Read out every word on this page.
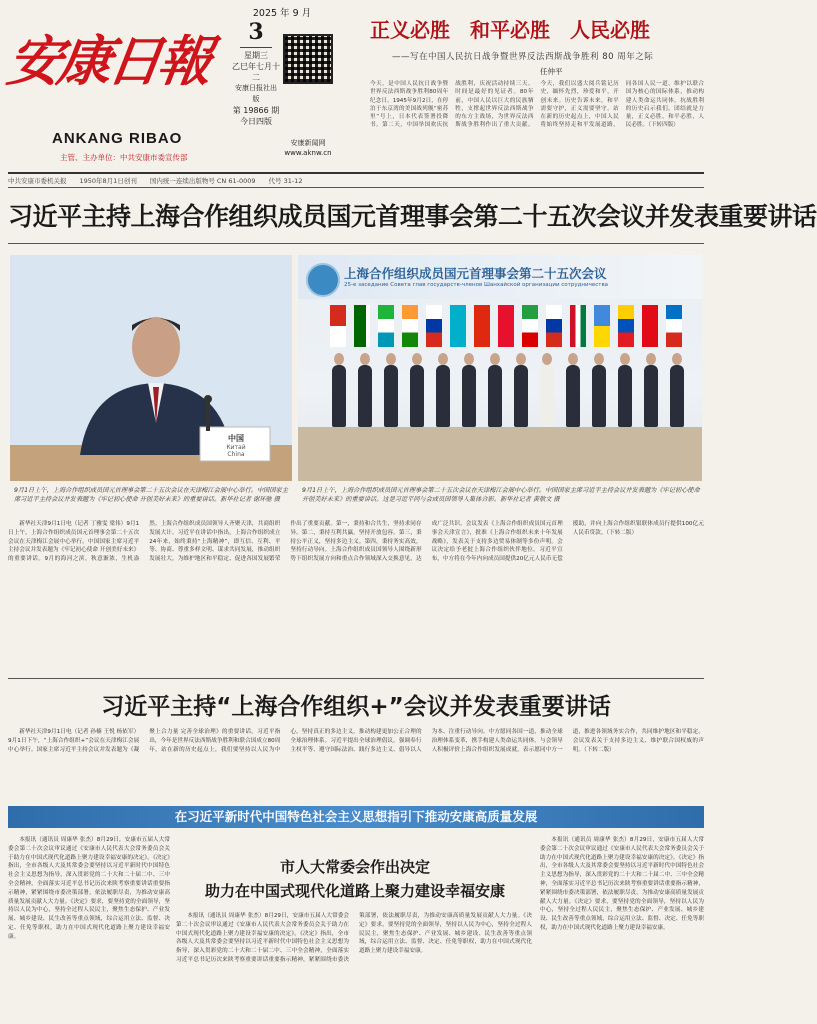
安康日報
ANKANG RIBAO
主管、主办单位：中共安康市委宣传部
2025 年 9 月
3
星期三
乙巳年七月十二
安康日报社出版
第 19866 期
今日四版
安康新闻网
www.aknw.cn
正义必胜　和平必胜　人民必胜
——写在中国人民抗日战争暨世界反法西斯战争胜利 80 周年之际
任仲平
今天，是中国人民抗日战争暨世界反法西斯战争胜利80周年纪念日。1945年9月2日，在停泊于东京湾的美国战列舰“密苏里”号上，日本代表签署投降书。第二天，中国举国欢庆抗战胜利，庆祝活动持续三天。时间是最好的见证者。80年前，中国人民以巨大的民族牺牲，支撑起世界反法西斯战争的东方主战场，为世界反法西斯战争胜利作出了重大贡献。今天，我们以盛大阅兵铭记历史，缅怀先烈，珍爱和平，开创未来。历史告诉未来，和平需要守护，正义需要坚守。站在新的历史起点上，中国人民将始终坚持走和平发展道路，同各国人民一道，维护以联合国为核心的国际体系，推动构建人类命运共同体。抗战胜利的历史启示我们，团结就是力量，正义必胜，和平必胜，人民必胜。（下转四版）
中共安康市委机关报　　1950年8月1日创刊　　国内统一连续出版物号 CN 61-0009　　代号 31-12
习近平主持上海合作组织成员国元首理事会第二十五次会议并发表重要讲话
中国
Китай
China
上海合作组织成员国元首理事会第二十五次会议
25-е заседание Совета глав государств-членов Шанхайской организации сотрудничества
9月1日上午，上海合作组织成员国元首理事会第二十五次会议在天津梅江会展中心举行。中国国家主席习近平主持会议并发表题为《牢记初心使命 开创美好未来》的重要讲话。新华社记者 谢环驰 摄
9月1日上午，上海合作组织成员国元首理事会第二十五次会议在天津梅江会展中心举行。中国国家主席习近平主持会议并发表题为《牢记初心使命 开创美好未来》的重要讲话。这是习近平同与会成员国领导人集体合影。新华社记者 黄敬文 摄
新华社天津9月1日电（记者 丁雅雯 梁伟）9月1日上午，上海合作组织成员国元首理事会第二十五次会议在天津梅江会展中心举行。中国国家主席习近平主持会议并发表题为《牢记初心使命 开创美好未来》的重要讲话。9月的海河之滨，秋意渐浓，生机盎然。上海合作组织成员国领导人齐聚天津，共商组织发展大计。习近平在讲话中指出，上海合作组织成立24年来，始终秉持“上海精神”，即互信、互利、平等、协商、尊重多样文明、谋求共同发展，推动组织发展壮大，为维护地区和平稳定、促进各国发展繁荣作出了重要贡献。第一，秉持和合共生，坚持求同存异。第二，秉持互利共赢，坚持开放包容。第三，秉持公平正义，坚持多边主义。第四，秉持务实高效，坚持行动导向。上海合作组织成员国领导人围绕新形势下组织发展方向和重点合作领域深入交换意见，达成广泛共识。会议发表《上海合作组织成员国元首理事会天津宣言》，批准《上海合作组织未来十年发展战略》，发表关于支持多边贸易体制等多份声明。会议决定给予老挝上海合作组织伙伴地位。习近平宣布，中方将在今年内向成员国提供20亿元人民币无偿援助，并向上海合作组织银联体成员行提供100亿元人民币贷款。（下转二版）
习近平主持“上海合作组织+”会议并发表重要讲话
新华社天津9月1日电（记者 孙楠 王悦 杨依军）9月1日下午，“上海合作组织+”会议在天津梅江会展中心举行。国家主席习近平主持会议并发表题为《凝聚上合力量 完善全球治理》的重要讲话。习近平指出，今年是世界反法西斯战争胜利和联合国成立80周年。站在新的历史起点上，我们要坚持以人民为中心，坚持真正的多边主义，推动构建更加公正合理的全球治理体系。习近平提出全球治理倡议，强调奉行主权平等、遵守国际法治、践行多边主义、倡导以人为本、注重行动导向。中方愿同各国一道，推动全球治理体系变革，携手构建人类命运共同体。与会领导人积极评价上海合作组织发展成就，表示愿同中方一道，推进各领域务实合作，共同维护地区和平稳定。会议发表关于支持多边主义、维护联合国权威的声明。（下转二版）
在习近平新时代中国特色社会主义思想指引下推动安康高质量发展
本报讯（通讯员 周康华 张杰）8月29日，安康市五届人大常委会第二十次会议审议通过《安康市人民代表大会常务委员会关于助力在中国式现代化道路上聚力建设幸福安康的决定》。《决定》指出，全市各级人大及其常委会要坚持以习近平新时代中国特色社会主义思想为指导，深入贯彩党的二十大和二十届二中、三中全会精神，全面落实习近平总书记历次来陕考察重要讲话重要指示精神，紧紧围绕市委决策部署，依法履职尽责，为推动安康高质量发展贡献人大力量。《决定》要求，要坚持党的全面领导，坚持以人民为中心，坚持全过程人民民主，聚焦生态保护、产业发展、城乡建设、民生改善等重点领域，综合运用立法、监督、决定、任免等职权，助力在中国式现代化道路上聚力建设幸福安康。
市人大常委会作出决定
助力在中国式现代化道路上聚力建设幸福安康
本报讯（通讯员 周康华 张杰）8月29日，安康市五届人大常委会第二十次会议审议通过《安康市人民代表大会常务委员会关于助力在中国式现代化道路上聚力建设幸福安康的决定》。《决定》指出，全市各级人大及其常委会要坚持以习近平新时代中国特色社会主义思想为指导，深入贯彩党的二十大和二十届二中、三中全会精神，全面落实习近平总书记历次来陕考察重要讲话重要指示精神，紧紧围绕市委决策部署，依法履职尽责，为推动安康高质量发展贡献人大力量。《决定》要求，要坚持党的全面领导，坚持以人民为中心，坚持全过程人民民主，聚焦生态保护、产业发展、城乡建设、民生改善等重点领域，综合运用立法、监督、决定、任免等职权，助力在中国式现代化道路上聚力建设幸福安康。
本报讯（通讯员 周康华 张杰）8月29日，安康市五届人大常委会第二十次会议审议通过《安康市人民代表大会常务委员会关于助力在中国式现代化道路上聚力建设幸福安康的决定》。《决定》指出，全市各级人大及其常委会要坚持以习近平新时代中国特色社会主义思想为指导，深入贯彩党的二十大和二十届二中、三中全会精神，全面落实习近平总书记历次来陕考察重要讲话重要指示精神，紧紧围绕市委决策部署，依法履职尽责，为推动安康高质量发展贡献人大力量。《决定》要求，要坚持党的全面领导，坚持以人民为中心，坚持全过程人民民主，聚焦生态保护、产业发展、城乡建设、民生改善等重点领域，综合运用立法、监督、决定、任免等职权，助力在中国式现代化道路上聚力建设幸福安康。
